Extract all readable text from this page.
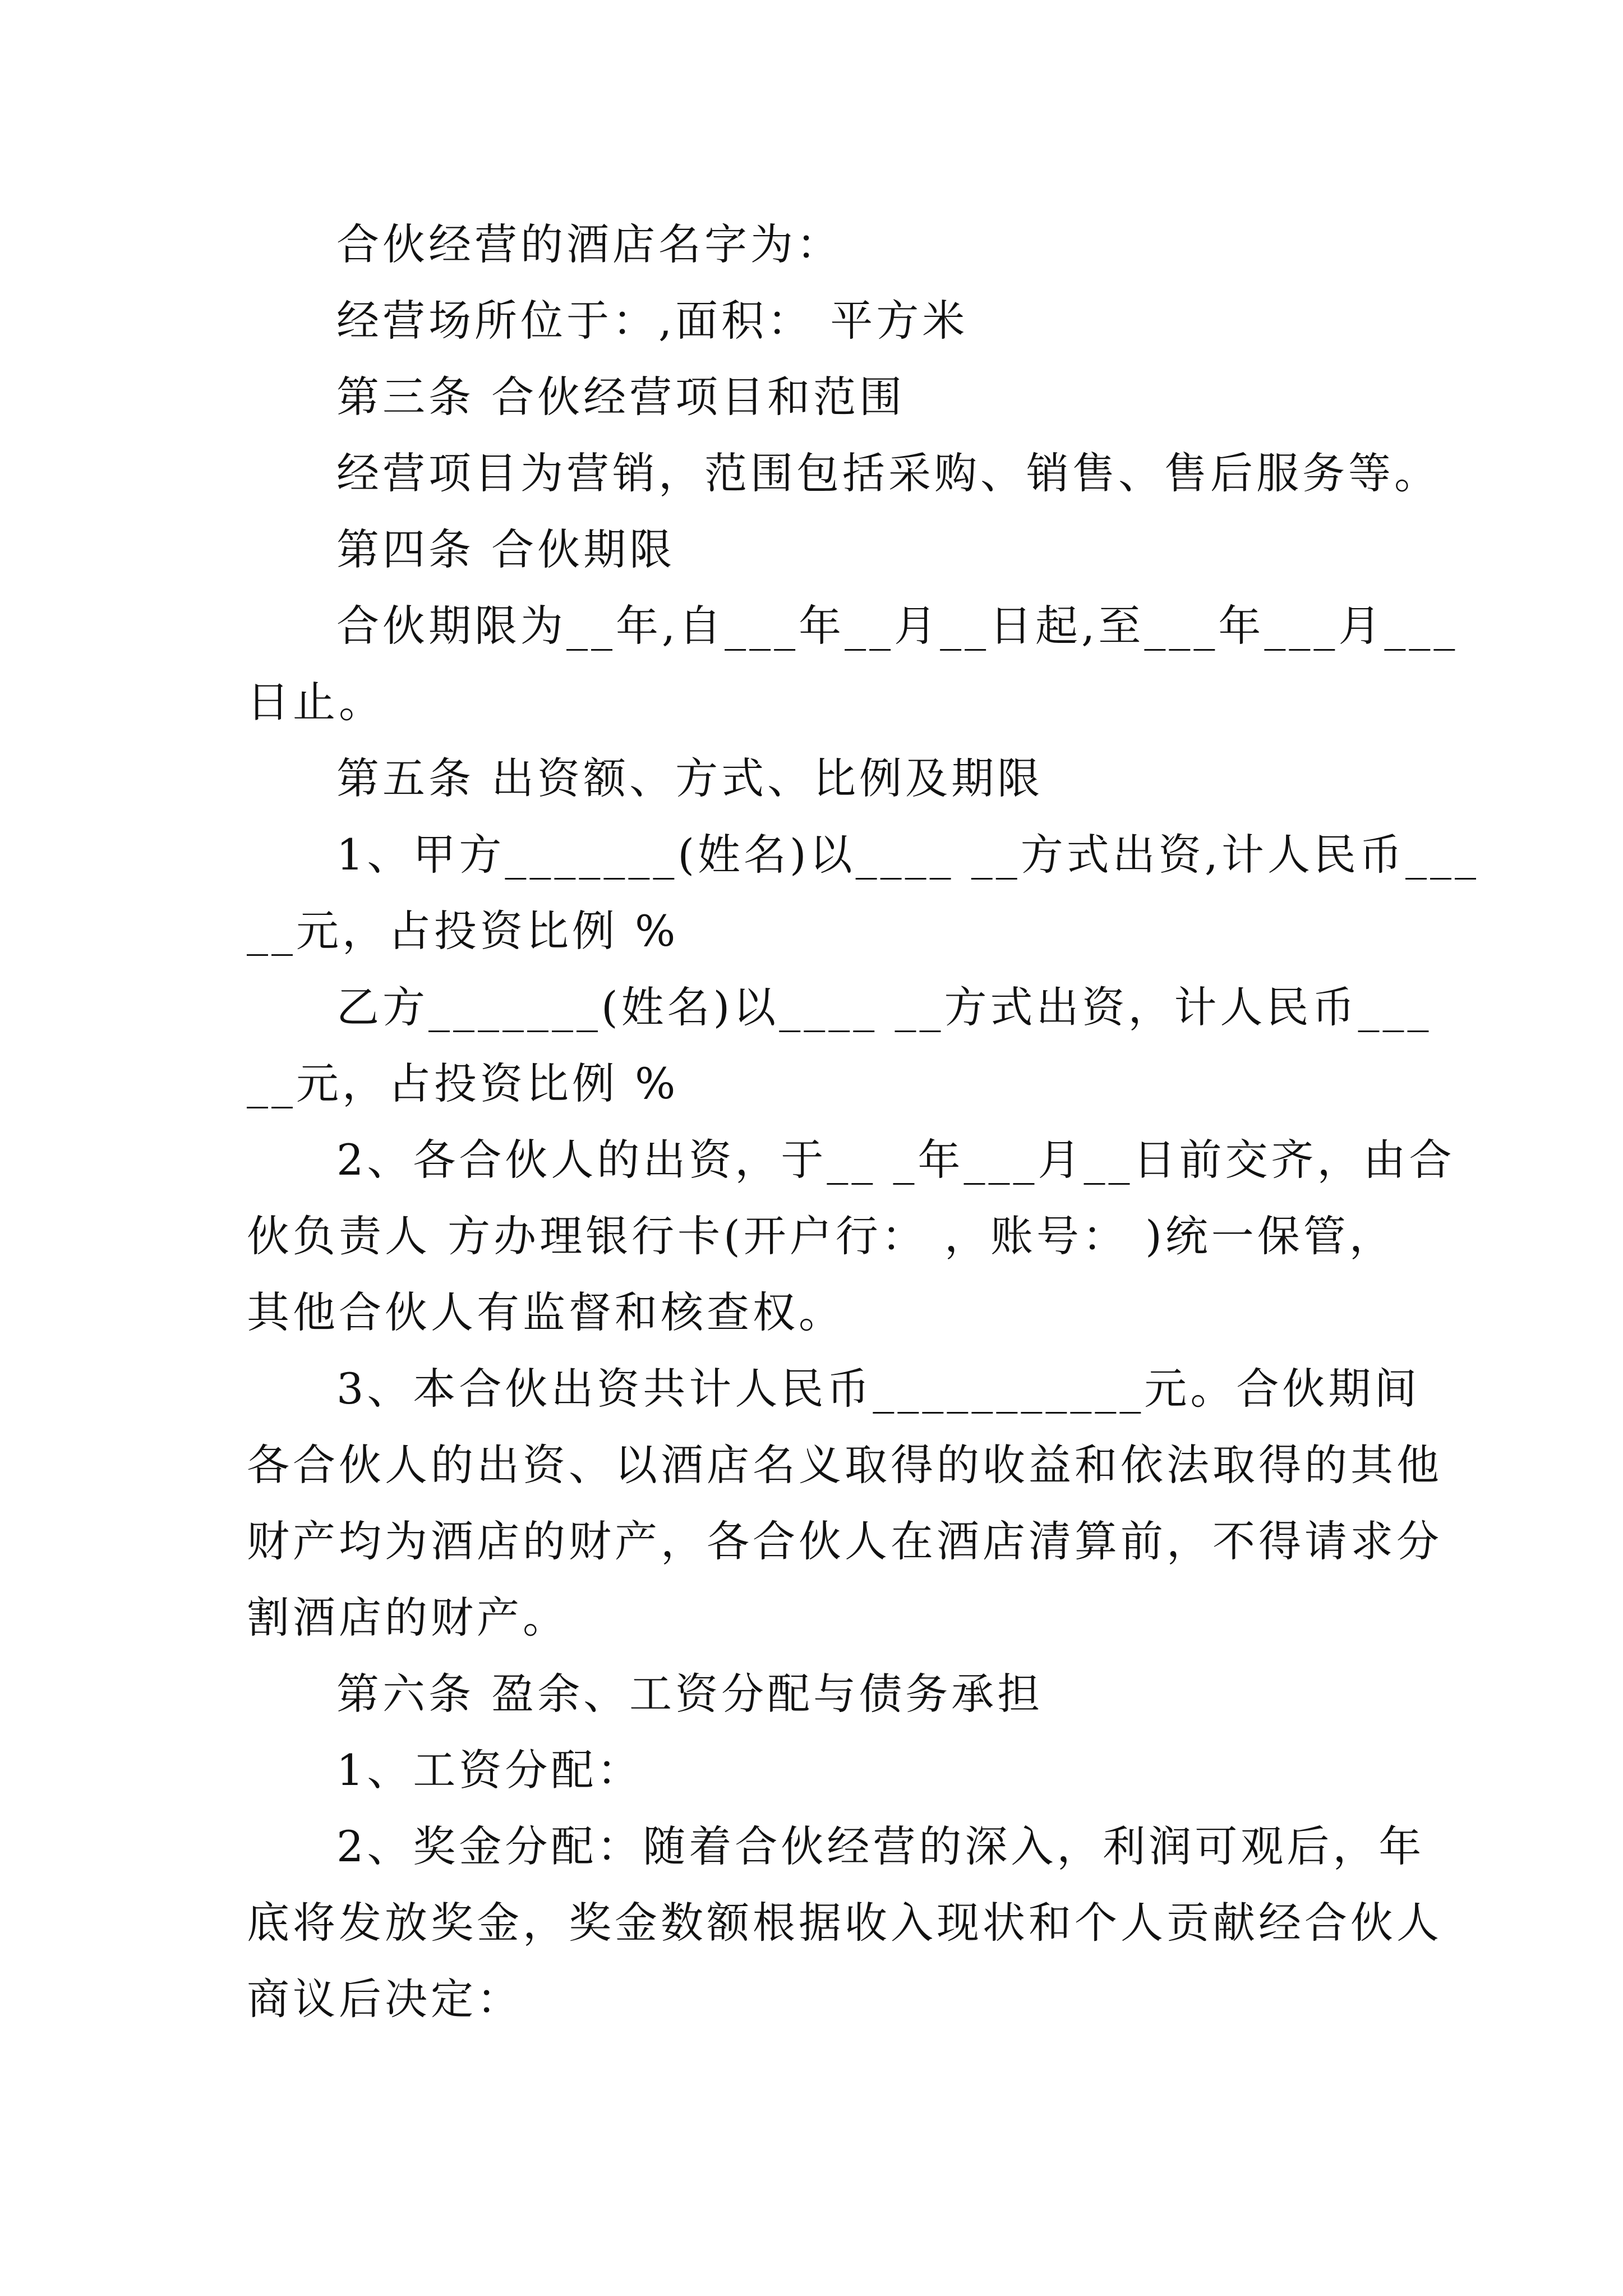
合伙经营的酒店名字为：
经营场所位于：,面积： 平方米
第三条 合伙经营项目和范围
经营项目为营销，范围包括采购、销售、售后服务等。
第四条 合伙期限
合伙期限为__年,自___年__月__日起,至___年___月___
日止。
第五条 出资额、方式、比例及期限
1、甲方_______(姓名)以____ __方式出资,计人民币___
__元，占投资比例 %
乙方_______(姓名)以____ __方式出资，计人民币___
__元，占投资比例 %
2、各合伙人的出资，于__ _年___月__日前交齐，由合
伙负责人 方办理银行卡(开户行： ，账号： )统一保管，
其他合伙人有监督和核查权。
3、本合伙出资共计人民币___________元。合伙期间
各合伙人的出资、以酒店名义取得的收益和依法取得的其他
财产均为酒店的财产，各合伙人在酒店清算前，不得请求分
割酒店的财产。
第六条 盈余、工资分配与债务承担
1、工资分配：
2、奖金分配：随着合伙经营的深入，利润可观后，年
底将发放奖金，奖金数额根据收入现状和个人贡献经合伙人
商议后决定：
